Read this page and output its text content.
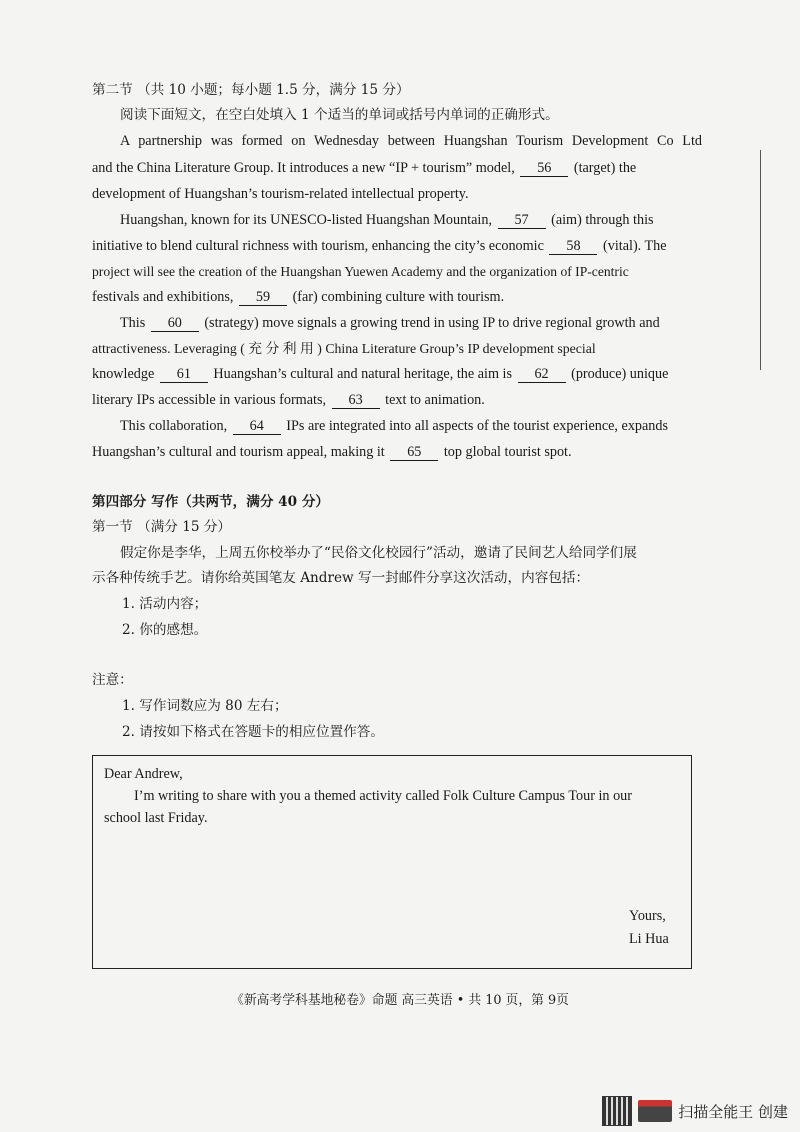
第二节 （共 10 小题；每小题 1.5 分，满分 15 分）
阅读下面短文，在空白处填入 1 个适当的单词或括号内单词的正确形式。
A partnership was formed on Wednesday between Huangshan Tourism Development Co Ltd
and the China Literature Group. It introduces a new “IP + tourism” model, 56 (target) the
development of Huangshan’s tourism-related intellectual property.
Huangshan, known for its UNESCO-listed Huangshan Mountain, 57 (aim) through this
initiative to blend cultural richness with tourism, enhancing the city’s economic 58 (vital). The
project will see the creation of the Huangshan Yuewen Academy and the organization of IP-centric
festivals and exhibitions, 59 (far) combining culture with tourism.
This 60 (strategy) move signals a growing trend in using IP to drive regional growth and
attractiveness. Leveraging ( 充 分 利 用 ) China Literature Group’s IP development special
knowledge 61 Huangshan’s cultural and natural heritage, the aim is 62 (produce) unique
literary IPs accessible in various formats, 63 text to animation.
This collaboration, 64 IPs are integrated into all aspects of the tourist experience, expands
Huangshan’s cultural and tourism appeal, making it 65 top global tourist spot.
第四部分 写作（共两节，满分 40 分）
第一节 （满分 15 分）
假定你是李华，上周五你校举办了“民俗文化校园行”活动，邀请了民间艺人给同学们展
示各种传统手艺。请你给英国笔友 Andrew 写一封邮件分享这次活动，内容包括：
1. 活动内容；
2. 你的感想。
注意：
1. 写作词数应为 80 左右；
2. 请按如下格式在答题卡的相应位置作答。
Dear Andrew,
I’m writing to share with you a themed activity called Folk Culture Campus Tour in our
school last Friday.
Yours,
Li Hua
《新高考学科基地秘卷》命题 高三英语 • 共 10 页，第 9页
扫描全能王 创建
